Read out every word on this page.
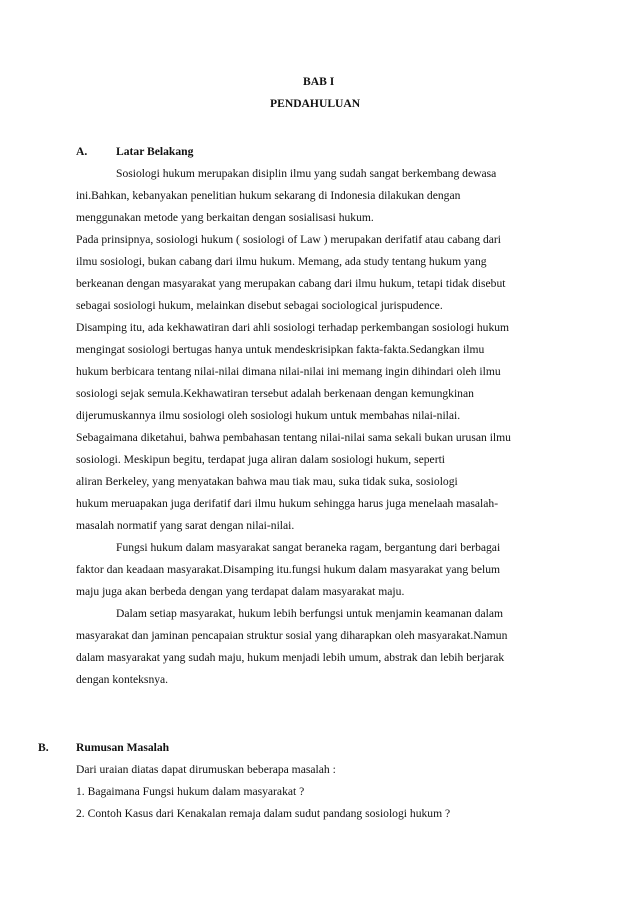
BAB I
PENDAHULUAN
A. Latar Belakang
Sosiologi hukum merupakan disiplin ilmu yang sudah sangat berkembang dewasa
ini.Bahkan, kebanyakan penelitian hukum sekarang di Indonesia dilakukan dengan
menggunakan metode yang berkaitan dengan sosialisasi hukum.
Pada prinsipnya, sosiologi hukum ( sosiologi of Law ) merupakan derifatif atau cabang dari
ilmu sosiologi, bukan cabang dari ilmu hukum. Memang, ada study tentang hukum yang
berkeanan dengan masyarakat yang merupakan cabang dari ilmu hukum, tetapi tidak disebut
sebagai sosiologi hukum, melainkan disebut sebagai sociological jurispudence.
Disamping itu, ada kekhawatiran dari ahli sosiologi terhadap perkembangan sosiologi hukum
mengingat sosiologi bertugas hanya untuk mendeskrisipkan fakta-fakta.Sedangkan ilmu
hukum berbicara tentang nilai-nilai dimana nilai-nilai ini memang ingin dihindari oleh ilmu
sosiologi sejak semula.Kekhawatiran tersebut adalah berkenaan dengan kemungkinan
dijerumuskannya ilmu sosiologi oleh sosiologi hukum untuk membahas nilai-nilai.
Sebagaimana diketahui, bahwa pembahasan tentang nilai-nilai sama sekali bukan urusan ilmu
sosiologi. Meskipun begitu, terdapat juga aliran dalam sosiologi hukum, seperti
aliran Berkeley, yang menyatakan bahwa mau tiak mau, suka tidak suka, sosiologi
hukum meruapakan juga derifatif dari ilmu hukum sehingga harus juga menelaah masalah-
masalah normatif yang sarat dengan nilai-nilai.
Fungsi hukum dalam masyarakat sangat beraneka ragam, bergantung dari berbagai
faktor dan keadaan masyarakat.Disamping itu.fungsi hukum dalam masyarakat yang belum
maju juga akan berbeda dengan yang terdapat dalam masyarakat maju.
Dalam setiap masyarakat, hukum lebih berfungsi untuk menjamin keamanan dalam
masyarakat dan jaminan pencapaian struktur sosial yang diharapkan oleh masyarakat.Namun
dalam masyarakat yang sudah maju, hukum menjadi lebih umum, abstrak dan lebih berjarak
dengan konteksnya.
B. Rumusan Masalah
Dari uraian diatas dapat dirumuskan beberapa masalah :
1. Bagaimana Fungsi hukum dalam masyarakat ?
2. Contoh Kasus dari Kenakalan remaja dalam sudut pandang sosiologi hukum ?
